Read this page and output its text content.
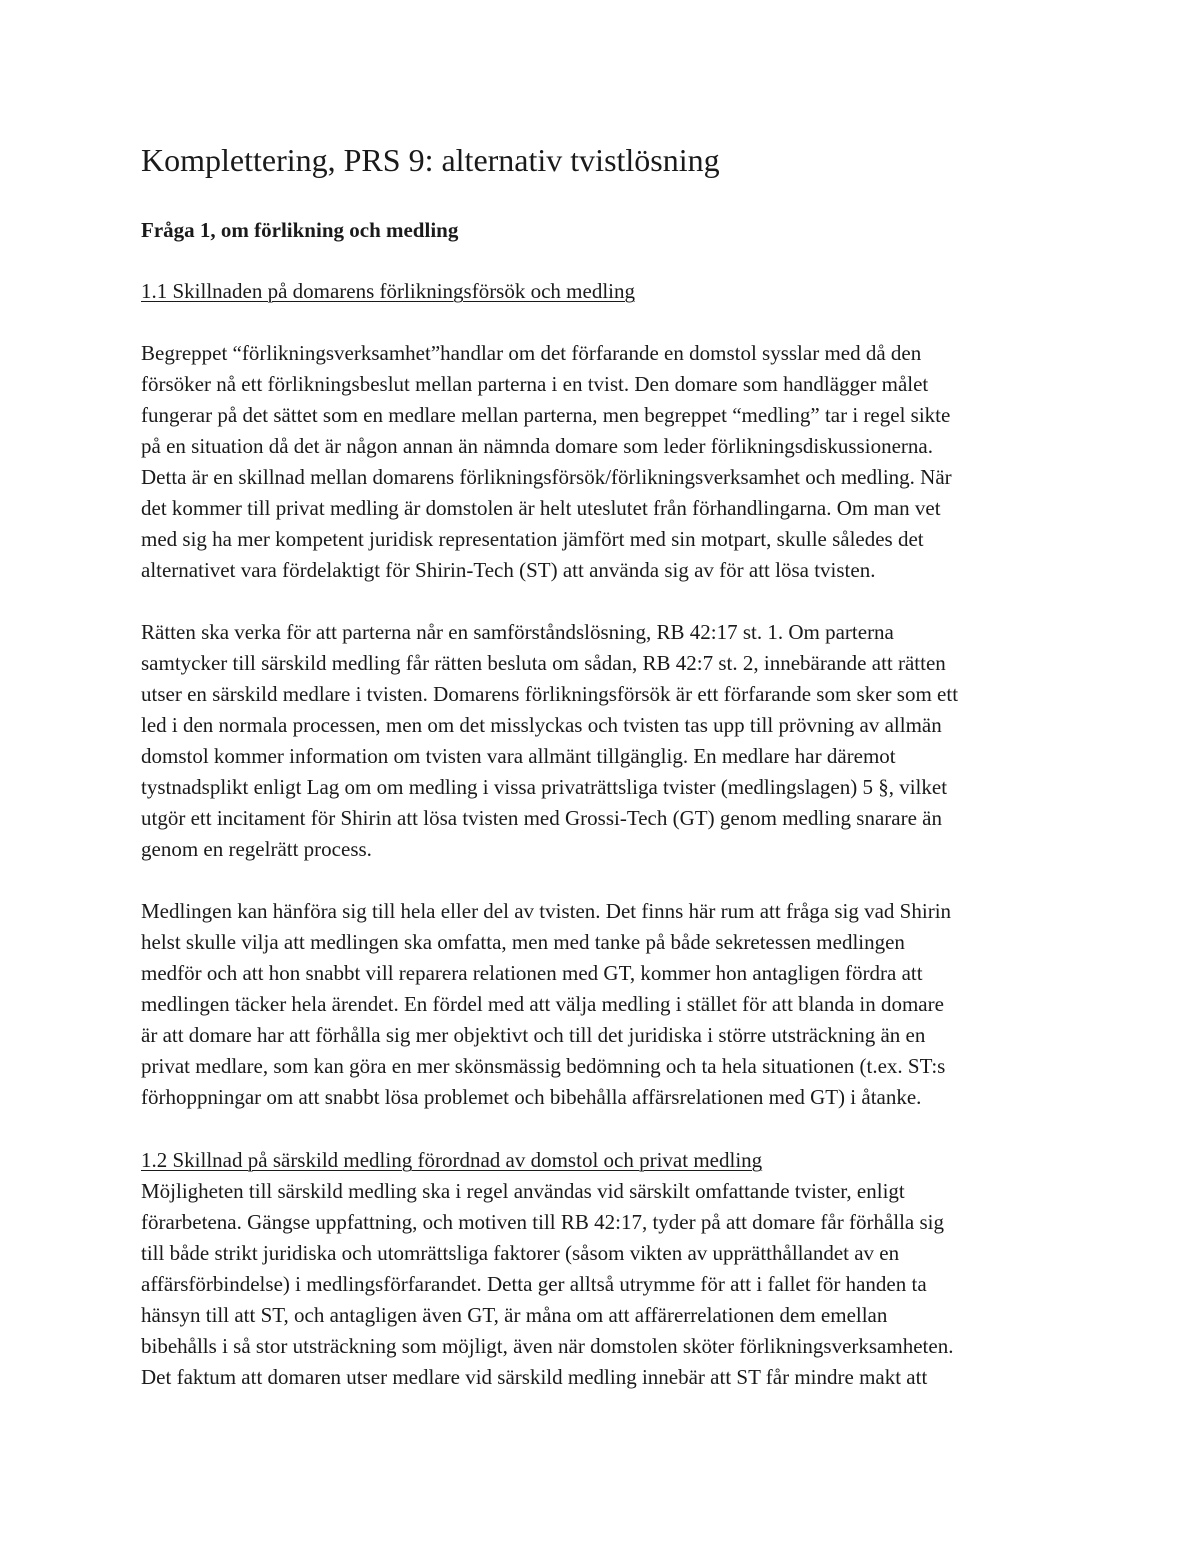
Komplettering, PRS 9: alternativ tvistlösning
Fråga 1, om förlikning och medling
1.1 Skillnaden på domarens förlikningsförsök och medling
Begreppet “förlikningsverksamhet”handlar om det förfarande en domstol sysslar med då den
försöker nå ett förlikningsbeslut mellan parterna i en tvist. Den domare som handlägger målet
fungerar på det sättet som en medlare mellan parterna, men begreppet “medling” tar i regel sikte
på en situation då det är någon annan än nämnda domare som leder förlikningsdiskussionerna.
Detta är en skillnad mellan domarens förlikningsförsök/förlikningsverksamhet och medling. När
det kommer till privat medling är domstolen är helt uteslutet från förhandlingarna. Om man vet
med sig ha mer kompetent juridisk representation jämfört med sin motpart, skulle således det
alternativet vara fördelaktigt för Shirin-Tech (ST) att använda sig av för att lösa tvisten.
Rätten ska verka för att parterna når en samförståndslösning, RB 42:17 st. 1. Om parterna
samtycker till särskild medling får rätten besluta om sådan, RB 42:7 st. 2, innebärande att rätten
utser en särskild medlare i tvisten. Domarens förlikningsförsök är ett förfarande som sker som ett
led i den normala processen, men om det misslyckas och tvisten tas upp till prövning av allmän
domstol kommer information om tvisten vara allmänt tillgänglig. En medlare har däremot
tystnadsplikt enligt Lag om om medling i vissa privaträttsliga tvister (medlingslagen) 5 §, vilket
utgör ett incitament för Shirin att lösa tvisten med Grossi-Tech (GT) genom medling snarare än
genom en regelrätt process.
Medlingen kan hänföra sig till hela eller del av tvisten. Det finns här rum att fråga sig vad Shirin
helst skulle vilja att medlingen ska omfatta, men med tanke på både sekretessen medlingen
medför och att hon snabbt vill reparera relationen med GT, kommer hon antagligen fördra att
medlingen täcker hela ärendet. En fördel med att välja medling i stället för att blanda in domare
är att domare har att förhålla sig mer objektivt och till det juridiska i större utsträckning än en
privat medlare, som kan göra en mer skönsmässig bedömning och ta hela situationen (t.ex. ST:s
förhoppningar om att snabbt lösa problemet och bibehålla affärsrelationen med GT) i åtanke.
1.2 Skillnad på särskild medling förordnad av domstol och privat medling
Möjligheten till särskild medling ska i regel användas vid särskilt omfattande tvister, enligt
förarbetena. Gängse uppfattning, och motiven till RB 42:17, tyder på att domare får förhålla sig
till både strikt juridiska och utomrättsliga faktorer (såsom vikten av upprätthållandet av en
affärsförbindelse) i medlingsförfarandet. Detta ger alltså utrymme för att i fallet för handen ta
hänsyn till att ST, och antagligen även GT, är måna om att affärerrelationen dem emellan
bibehålls i så stor utsträckning som möjligt, även när domstolen sköter förlikningsverksamheten.
Det faktum att domaren utser medlare vid särskild medling innebär att ST får mindre makt att
